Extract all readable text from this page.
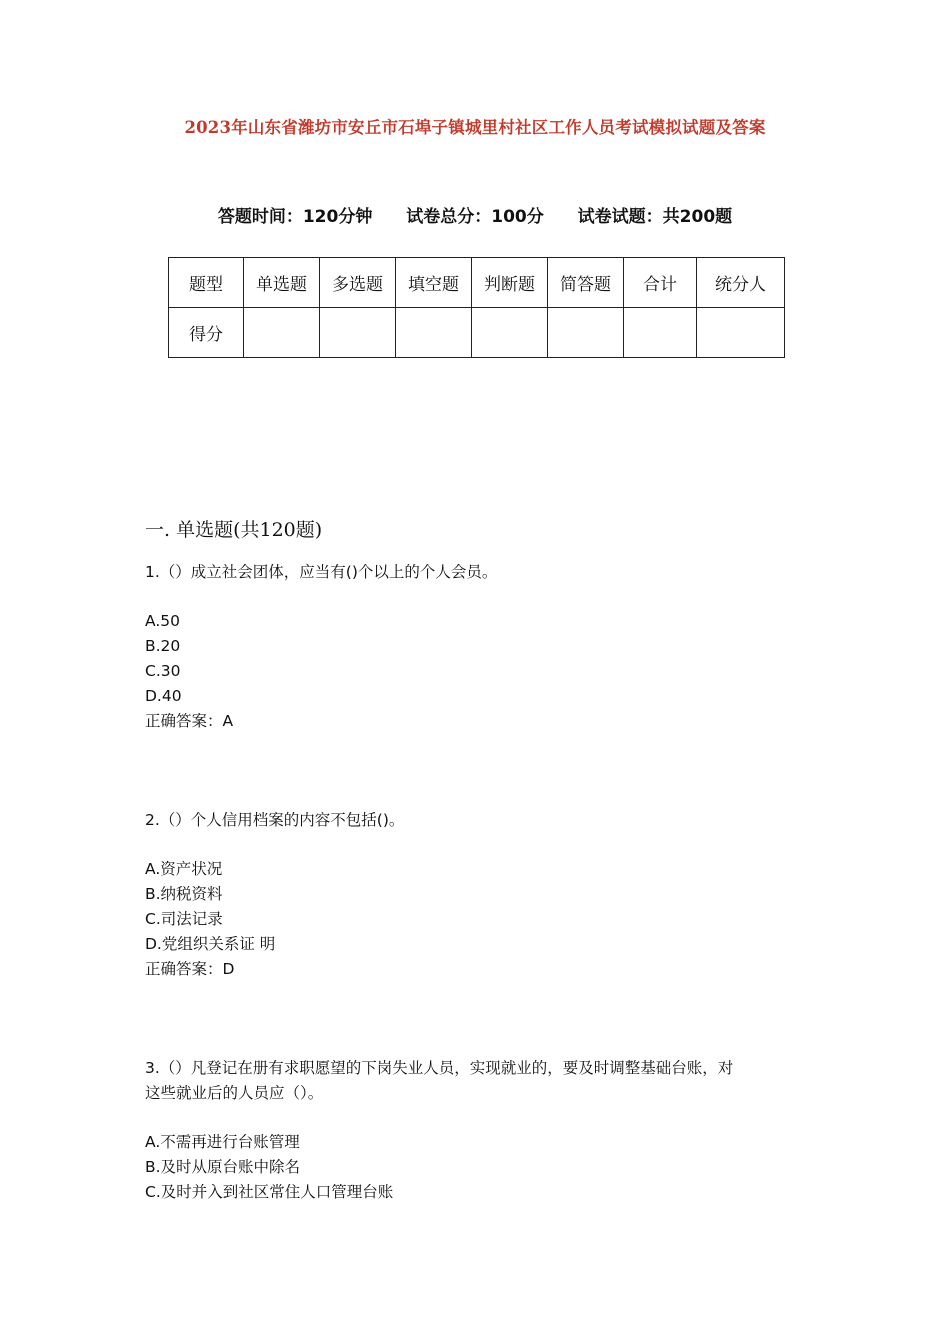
2023年山东省潍坊市安丘市石埠子镇城里村社区工作人员考试模拟试题及答案
答题时间：120分钟 试卷总分：100分 试卷试题：共200题
题型	单选题	多选题	填空题	判断题	简答题	合计	统分人
得分							
一. 单选题(共120题)

1.（）成立社会团体，应当有()个以上的个人会员。

A.50
B.20
C.30
D.40
正确答案：A

2.（）个人信用档案的内容不包括()。

A.资产状况
B.纳税资料
C.司法记录
D.党组织关系证 明
正确答案：D

3.（）凡登记在册有求职愿望的下岗失业人员，实现就业的，要及时调整基础台账，对

这些就业后的人员应（）。

A.不需再进行台账管理
B.及时从原台账中除名
C.及时并入到社区常住人口管理台账
